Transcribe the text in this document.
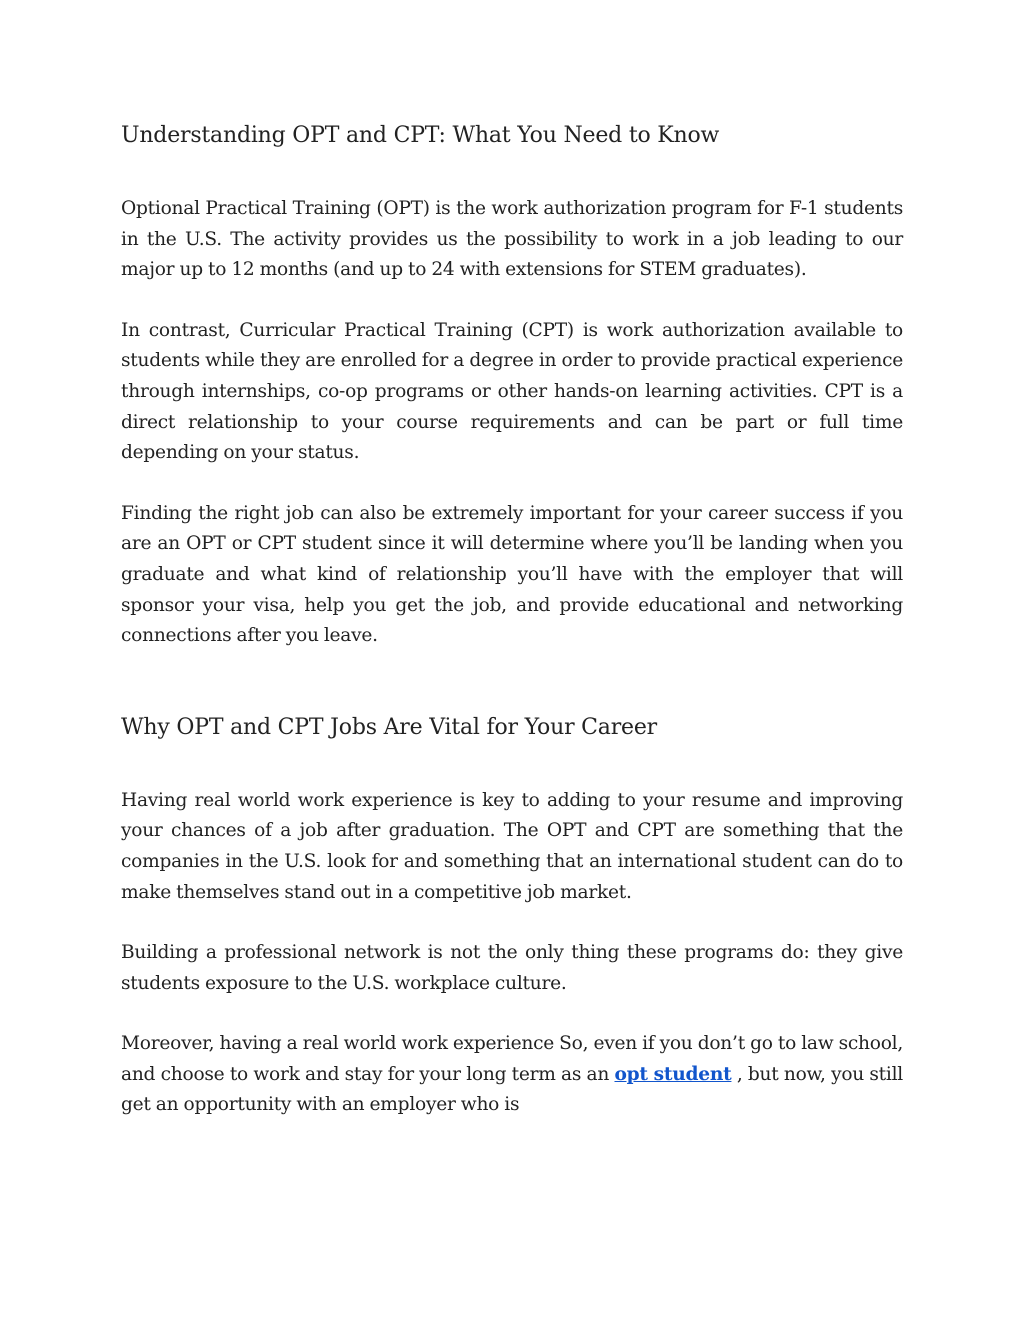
Understanding OPT and CPT: What You Need to Know

Optional Practical Training (OPT) is the work authorization program for F-1 students in the U.S. The activity provides us the possibility to work in a job leading to our major up to 12 months (and up to 24 with extensions for STEM graduates).

In contrast, Curricular Practical Training (CPT) is work authorization available to students while they are enrolled for a degree in order to provide practical experience through internships, co-op programs or other hands-on learning activities. CPT is a direct relationship to your course requirements and can be part or full time depending on your status.

Finding the right job can also be extremely important for your career success if you are an OPT or CPT student since it will determine where you’ll be landing when you graduate and what kind of relationship you’ll have with the employer that will sponsor your visa, help you get the job, and provide educational and networking connections after you leave.

Why OPT and CPT Jobs Are Vital for Your Career

Having real world work experience is key to adding to your resume and improving your chances of a job after graduation. The OPT and CPT are something that the companies in the U.S. look for and something that an international student can do to make themselves stand out in a competitive job market.

Building a professional network is not the only thing these programs do: they give students exposure to the U.S. workplace culture.

Moreover, having a real world work experience So, even if you don’t go to law school, and choose to work and stay for your long term as an opt student , but now, you still get an opportunity with an employer who is
